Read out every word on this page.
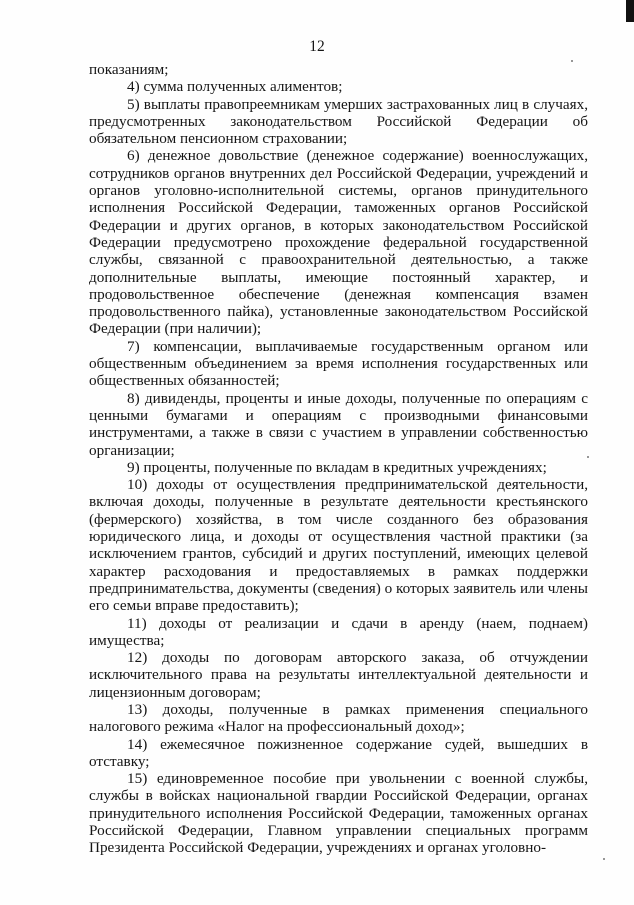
12

показаниям;

4) сумма полученных алиментов;

5) выплаты правопреемникам умерших застрахованных лиц в случаях, предусмотренных законодательством Российской Федерации об обязательном пенсионном страховании;

6) денежное довольствие (денежное содержание) военнослужащих, сотрудников органов внутренних дел Российской Федерации, учреждений и органов уголовно-исполнительной системы, органов принудительного исполнения Российской Федерации, таможенных органов Российской Федерации и других органов, в которых законодательством Российской Федерации предусмотрено прохождение федеральной государственной службы, связанной с правоохранительной деятельностью, а также дополнительные выплаты, имеющие постоянный характер, и продовольственное обеспечение (денежная компенсация взамен продовольственного пайка), установленные законодательством Российской Федерации (при наличии);

7) компенсации, выплачиваемые государственным органом или общественным объединением за время исполнения государственных или общественных обязанностей;

8) дивиденды, проценты и иные доходы, полученные по операциям с ценными бумагами и операциям с производными финансовыми инструментами, а также в связи с участием в управлении собственностью организации;

9) проценты, полученные по вкладам в кредитных учреждениях;

10) доходы от осуществления предпринимательской деятельности, включая доходы, полученные в результате деятельности крестьянского (фермерского) хозяйства, в том числе созданного без образования юридического лица, и доходы от осуществления частной практики (за исключением грантов, субсидий и других поступлений, имеющих целевой характер расходования и предоставляемых в рамках поддержки предпринимательства, документы (сведения) о которых заявитель или члены его семьи вправе предоставить);

11) доходы от реализации и сдачи в аренду (наем, поднаем) имущества;

12) доходы по договорам авторского заказа, об отчуждении исключительного права на результаты интеллектуальной деятельности и лицензионным договорам;

13) доходы, полученные в рамках применения специального налогового режима «Налог на профессиональный доход»;

14) ежемесячное пожизненное содержание судей, вышедших в отставку;

15) единовременное пособие при увольнении с военной службы, службы в войсках национальной гвардии Российской Федерации, органах принудительного исполнения Российской Федерации, таможенных органах Российской Федерации, Главном управлении специальных программ Президента Российской Федерации, учреждениях и органах уголовно-
